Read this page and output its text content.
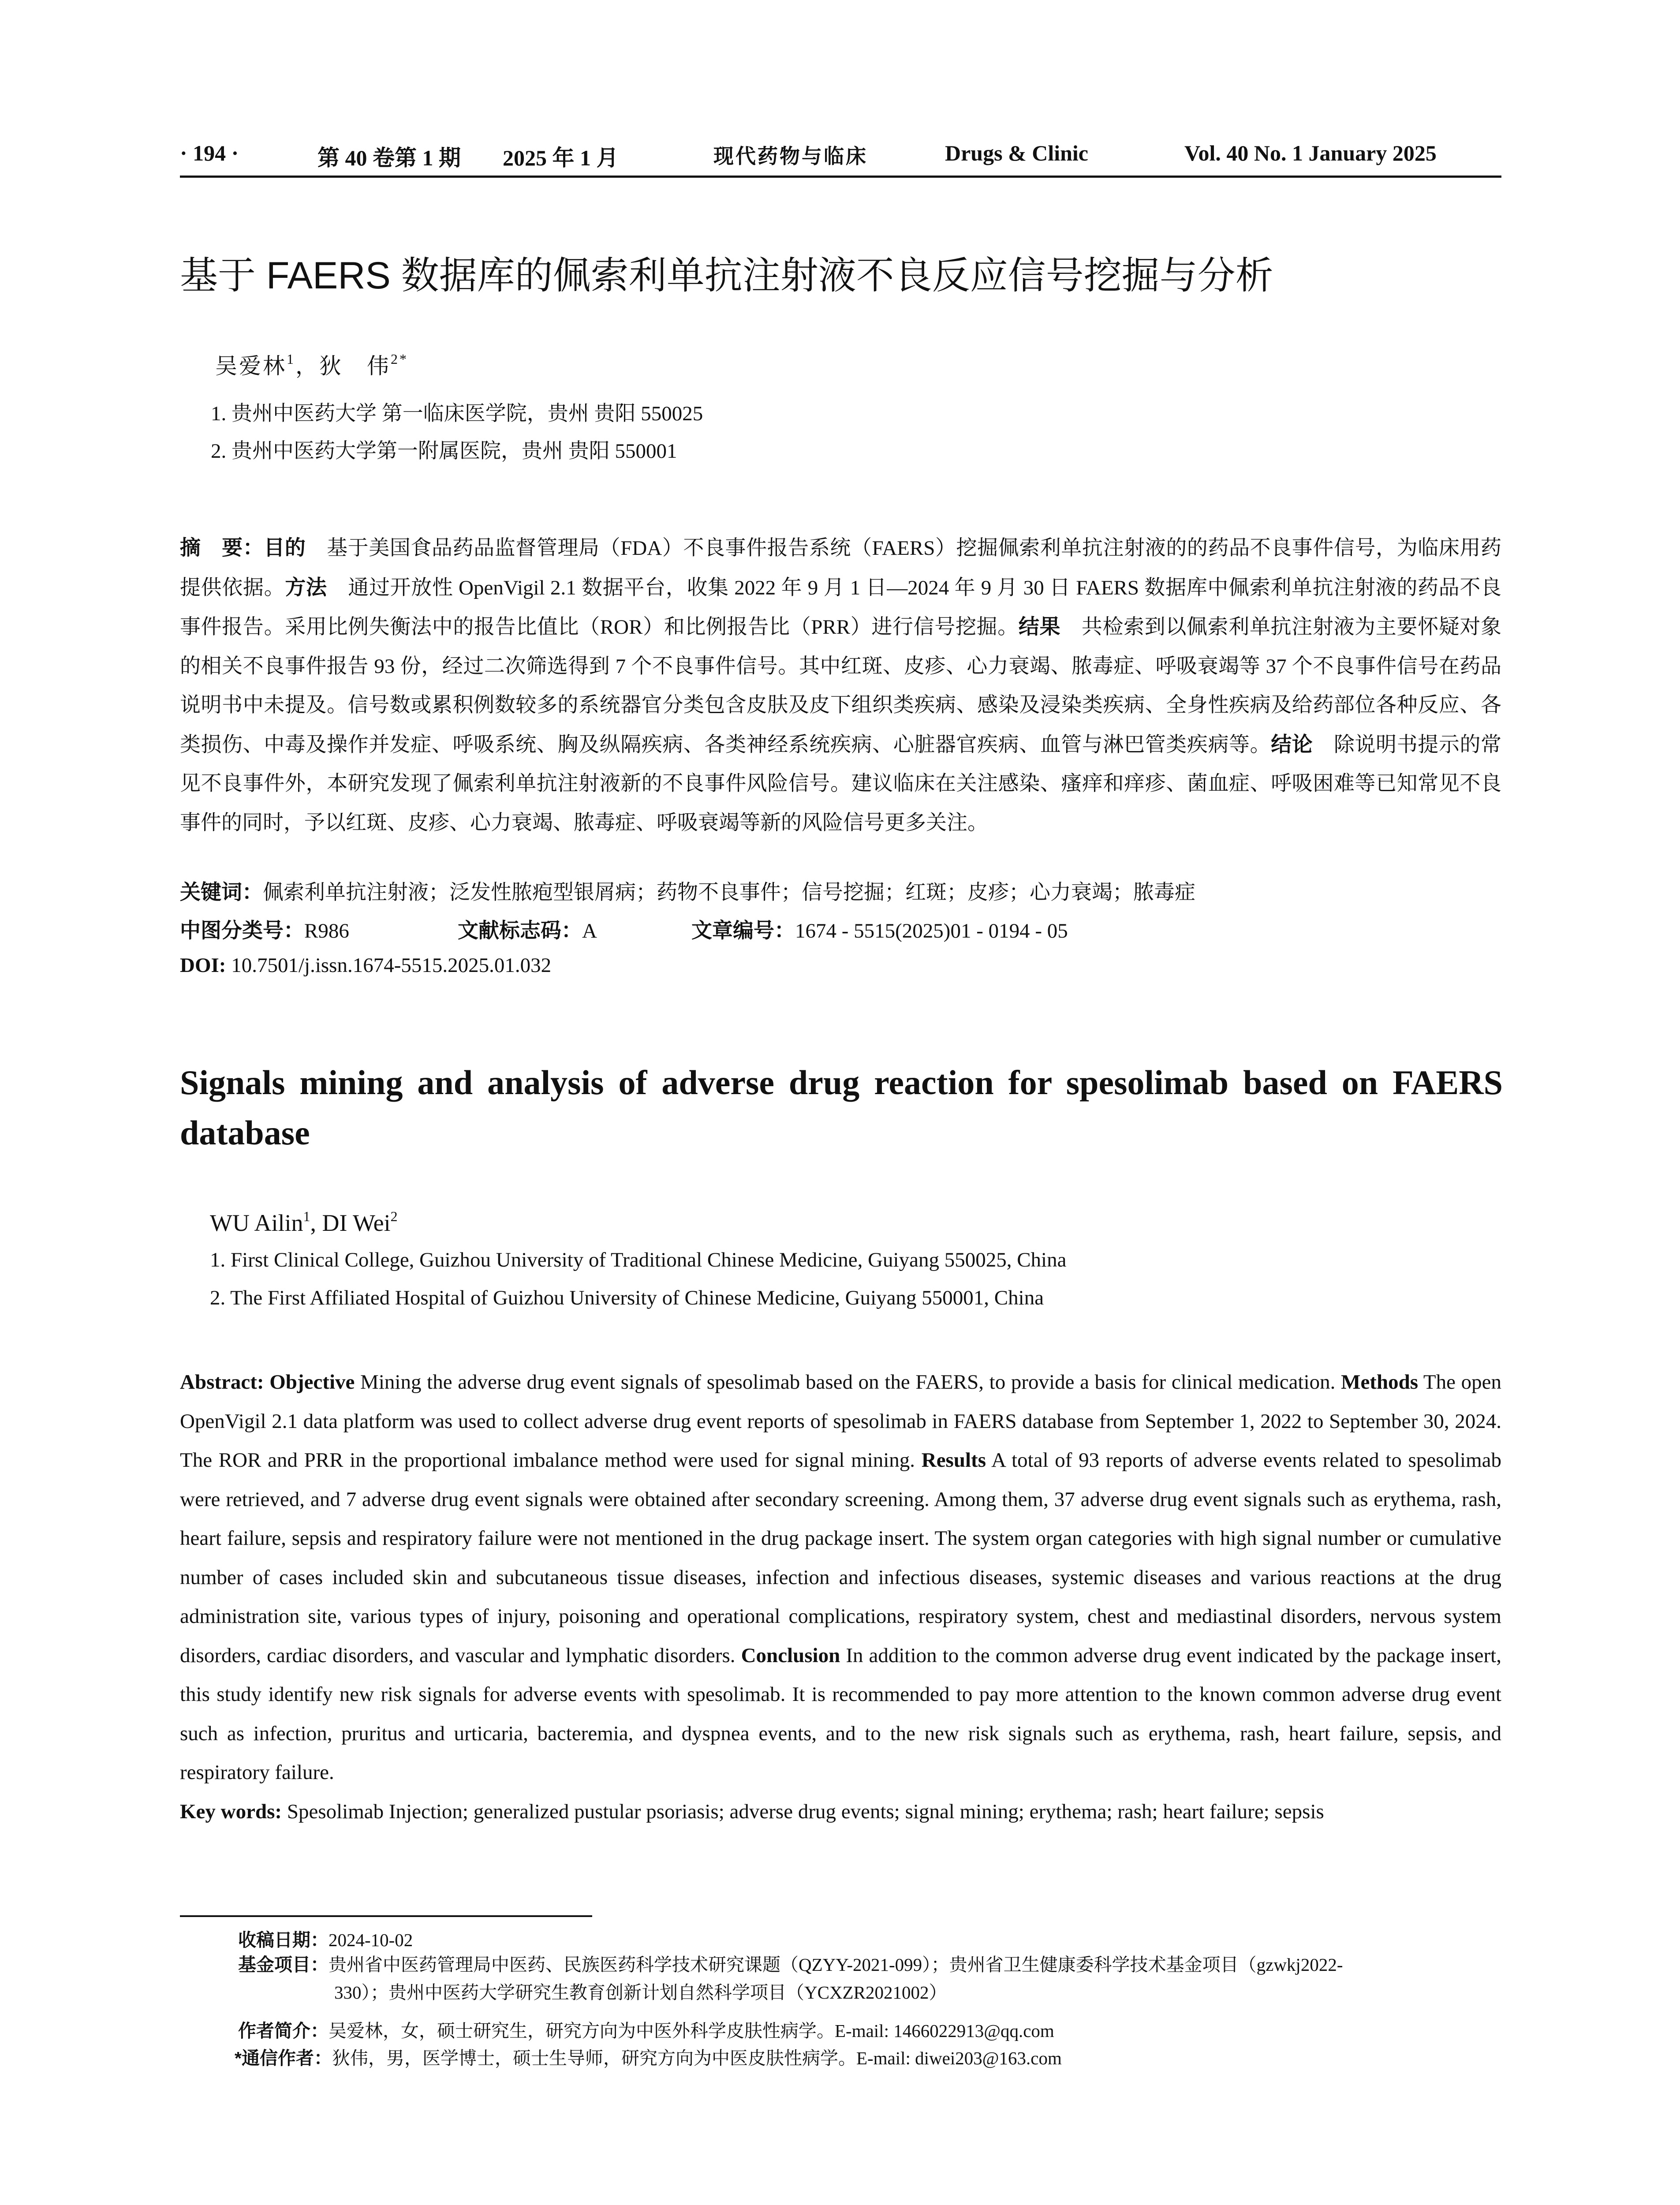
· 194 ·	第 40 卷第 1 期 2025 年 1 月	现代药物与临床	Drugs & Clinic	Vol. 40 No. 1 January 2025
基于 FAERS 数据库的佩索利单抗注射液不良反应信号挖掘与分析
吴爱林$^1$，狄　伟$^{2*}$
1. 贵州中医药大学 第一临床医学院，贵州 贵阳 550025
2. 贵州中医药大学第一附属医院，贵州 贵阳 550001
摘　要：目的　基于美国食品药品监督管理局（FDA）不良事件报告系统（FAERS）挖掘佩索利单抗注射液的的药品不良事件信号，为临床用药提供依据。方法　通过开放性 OpenVigil 2.1 数据平台，收集 2022 年 9 月 1 日—2024 年 9 月 30 日 FAERS 数据库中佩索利单抗注射液的药品不良事件报告。采用比例失衡法中的报告比值比（ROR）和比例报告比（PRR）进行信号挖掘。结果　共检索到以佩索利单抗注射液为主要怀疑对象的相关不良事件报告 93 份，经过二次筛选得到 7 个不良事件信号。其中红斑、皮疹、心力衰竭、脓毒症、呼吸衰竭等 37 个不良事件信号在药品说明书中未提及。信号数或累积例数较多的系统器官分类包含皮肤及皮下组织类疾病、感染及浸染类疾病、全身性疾病及给药部位各种反应、各类损伤、中毒及操作并发症、呼吸系统、胸及纵隔疾病、各类神经系统疾病、心脏器官疾病、血管与淋巴管类疾病等。结论　除说明书提示的常见不良事件外，本研究发现了佩索利单抗注射液新的不良事件风险信号。建议临床在关注感染、瘙痒和痒疹、菌血症、呼吸困难等已知常见不良事件的同时，予以红斑、皮疹、心力衰竭、脓毒症、呼吸衰竭等新的风险信号更多关注。
关键词：佩索利单抗注射液；泛发性脓疱型银屑病；药物不良事件；信号挖掘；红斑；皮疹；心力衰竭；脓毒症
中图分类号：R986	文献标志码：A	文章编号：1674 - 5515(2025)01 - 0194 - 05
DOI: 10.7501/j.issn.1674-5515.2025.01.032
Signals mining and analysis of adverse drug reaction for spesolimab based on FAERS database
WU Ailin$^1$, DI Wei$^2$
1. First Clinical College, Guizhou University of Traditional Chinese Medicine, Guiyang 550025, China
2. The First Affiliated Hospital of Guizhou University of Chinese Medicine, Guiyang 550001, China
Abstract: Objective Mining the adverse drug event signals of spesolimab based on the FAERS, to provide a basis for clinical medication. Methods The open OpenVigil 2.1 data platform was used to collect adverse drug event reports of spesolimab in FAERS database from September 1, 2022 to September 30, 2024. The ROR and PRR in the proportional imbalance method were used for signal mining. Results A total of 93 reports of adverse events related to spesolimab were retrieved, and 7 adverse drug event signals were obtained after secondary screening. Among them, 37 adverse drug event signals such as erythema, rash, heart failure, sepsis and respiratory failure were not mentioned in the drug package insert. The system organ categories with high signal number or cumulative number of cases included skin and subcutaneous tissue diseases, infection and infectious diseases, systemic diseases and various reactions at the drug administration site, various types of injury, poisoning and operational complications, respiratory system, chest and mediastinal disorders, nervous system disorders, cardiac disorders, and vascular and lymphatic disorders. Conclusion In addition to the common adverse drug event indicated by the package insert, this study identify new risk signals for adverse events with spesolimab. It is recommended to pay more attention to the known common adverse drug event such as infection, pruritus and urticaria, bacteremia, and dyspnea events, and to the new risk signals such as erythema, rash, heart failure, sepsis, and respiratory failure.
Key words: Spesolimab Injection; generalized pustular psoriasis; adverse drug events; signal mining; erythema; rash; heart failure; sepsis
收稿日期：2024-10-02
基金项目：贵州省中医药管理局中医药、民族医药科学技术研究课题（QZYY-2021-099）；贵州省卫生健康委科学技术基金项目（gzwkj2022-
330）；贵州中医药大学研究生教育创新计划自然科学项目（YCXZR2021002）
作者简介：吴爱林，女，硕士研究生，研究方向为中医外科学皮肤性病学。E-mail: 1466022913@qq.com
*通信作者：狄伟，男，医学博士，硕士生导师，研究方向为中医皮肤性病学。E-mail: diwei203@163.com
